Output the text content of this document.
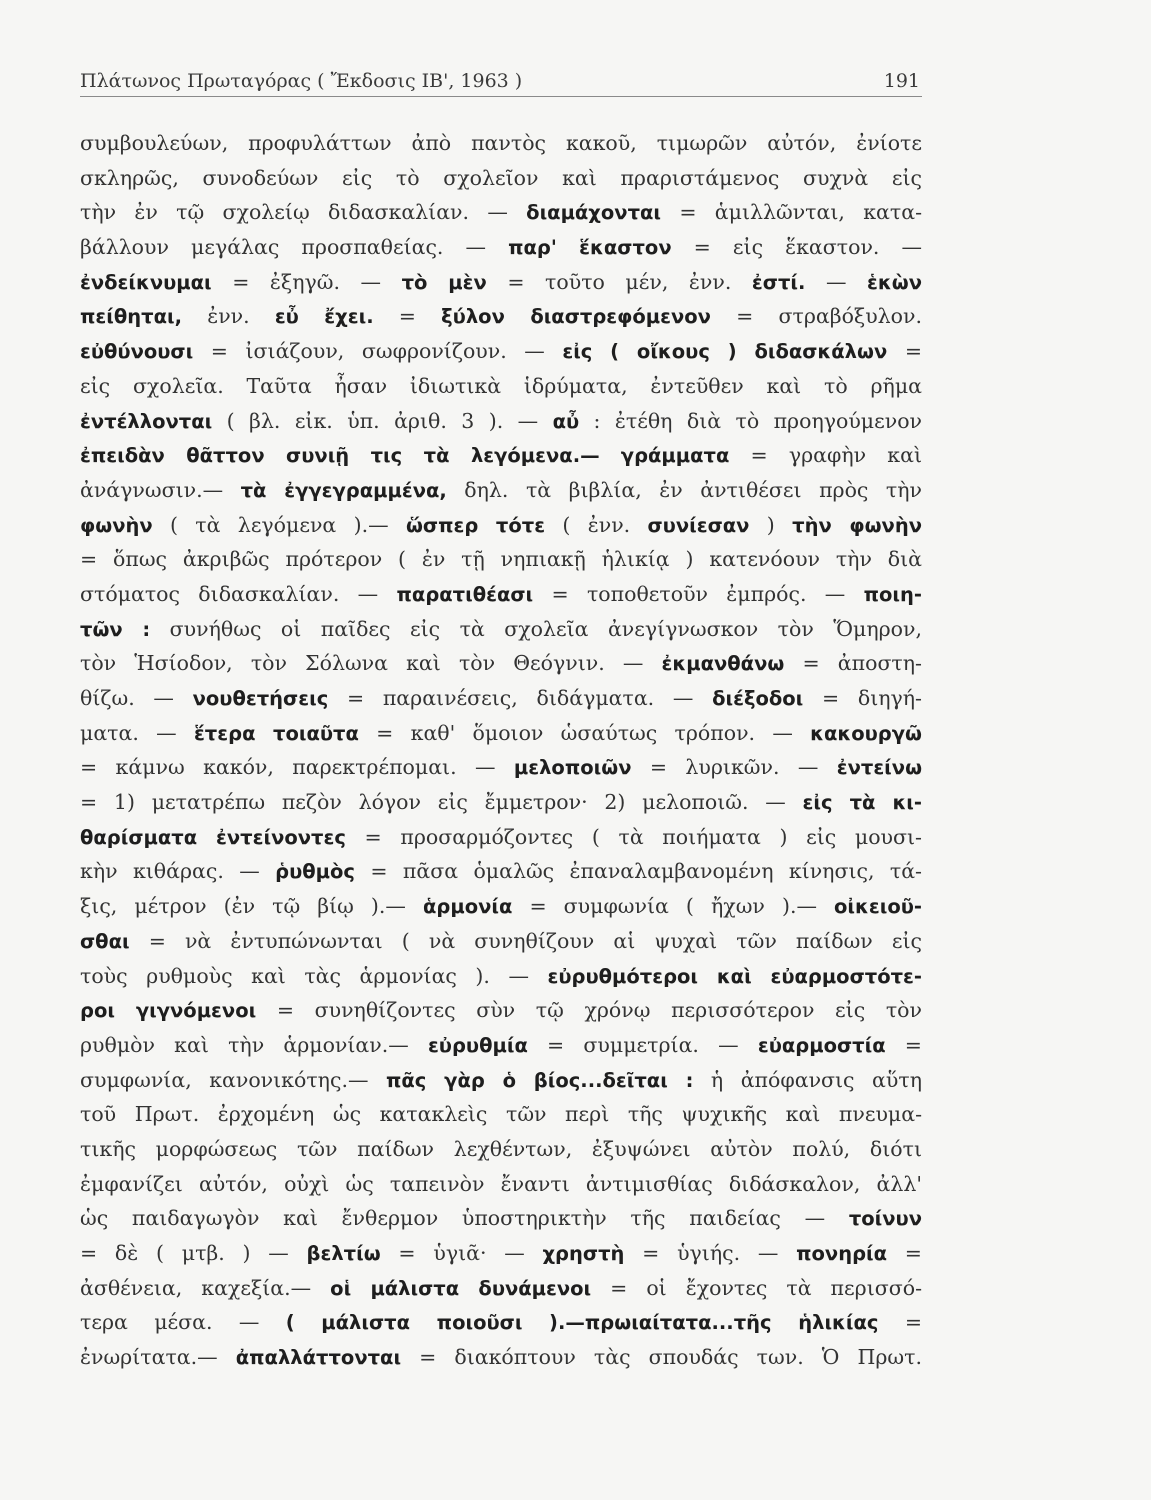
Πλάτωνος Πρωταγόρας ( Ἔκδοσις ΙΒ', 1963 )	191
συμβουλεύων, προφυλάττων ἀπὸ παντὸς κακοῦ, τιμωρῶν αὐτόν, ἐνίοτε
σκληρῶς, συνοδεύων εἰς τὸ σχολεῖον καὶ πραριστάμενος συχνὰ εἰς
τὴν ἐν τῷ σχολείῳ διδασκαλίαν. — διαμάχονται = ἁμιλλῶνται, κατα-
βάλλουν μεγάλας προσπαθείας. — παρ' ἕκαστον = εἰς ἕκαστον. —
ἐνδείκνυμαι = ἐξηγῶ. — τὸ μὲν = τοῦτο μέν, ἐνν. ἐστί. — ἑκὼν
πείθηται, ἐνν. εὖ ἔχει. = ξύλον διαστρεφόμενον = στραβόξυλον.
εὐθύνουσι = ἰσιάζουν, σωφρονίζουν. — εἰς ( οἴκους ) διδασκάλων =
εἰς σχολεῖα. Ταῦτα ἦσαν ἰδιωτικὰ ἱδρύματα, ἐντεῦθεν καὶ τὸ ρῆμα
ἐντέλλονται ( βλ. εἰκ. ὑπ. ἀριθ. 3 ). — αὖ : ἐτέθη διὰ τὸ προηγούμενον
ἐπειδὰν θᾶττον συνιῇ τις τὰ λεγόμενα.— γράμματα = γραφὴν καὶ
ἀνάγνωσιν.— τὰ ἐγγεγραμμένα, δηλ. τὰ βιβλία, ἐν ἀντιθέσει πρὸς τὴν
φωνὴν ( τὰ λεγόμενα ).— ὥσπερ τότε ( ἐνν. συνίεσαν ) τὴν φωνὴν
= ὅπως ἀκριβῶς πρότερον ( ἐν τῇ νηπιακῇ ἡλικίᾳ ) κατενόουν τὴν διὰ
στόματος διδασκαλίαν. — παρατιθέασι = τοποθετοῦν ἐμπρός. — ποιη-
τῶν : συνήθως οἱ παῖδες εἰς τὰ σχολεῖα ἀνεγίγνωσκον τὸν Ὅμηρον,
τὸν Ἡσίοδον, τὸν Σόλωνα καὶ τὸν Θεόγνιν. — ἐκμανθάνω = ἀποστη-
θίζω. — νουθετήσεις = παραινέσεις, διδάγματα. — διέξοδοι = διηγή-
ματα. — ἕτερα τοιαῦτα = καθ' ὅμοιον ὡσαύτως τρόπον. — κακουργῶ
= κάμνω κακόν, παρεκτρέπομαι. — μελοποιῶν = λυρικῶν. — ἐντείνω
= 1) μετατρέπω πεζὸν λόγον εἰς ἔμμετρον· 2) μελοποιῶ. — εἰς τὰ κι-
θαρίσματα ἐντείνοντες = προσαρμόζοντες ( τὰ ποιήματα ) εἰς μουσι-
κὴν κιθάρας. — ῥυθμὸς = πᾶσα ὁμαλῶς ἐπαναλαμβανομένη κίνησις, τά-
ξις, μέτρον (ἐν τῷ βίῳ ).— ἁρμονία = συμφωνία ( ἤχων ).— οἰκειοῦ-
σθαι = νὰ ἐντυπώνωνται ( νὰ συνηθίζουν αἱ ψυχαὶ τῶν παίδων εἰς
τοὺς ρυθμοὺς καὶ τὰς ἁρμονίας ). — εὐρυθμότεροι καὶ εὐαρμοστότε-
ροι γιγνόμενοι = συνηθίζοντες σὺν τῷ χρόνῳ περισσότερον εἰς τὸν
ρυθμὸν καὶ τὴν ἁρμονίαν.— εὐρυθμία = συμμετρία. — εὐαρμοστία =
συμφωνία, κανονικότης.— πᾶς γὰρ ὁ βίος...δεῖται : ἡ ἀπόφανσις αὕτη
τοῦ Πρωτ. ἐρχομένη ὡς κατακλεὶς τῶν περὶ τῆς ψυχικῆς καὶ πνευμα-
τικῆς μορφώσεως τῶν παίδων λεχθέντων, ἐξυψώνει αὐτὸν πολύ, διότι
ἐμφανίζει αὐτόν, οὐχὶ ὡς ταπεινὸν ἔναντι ἀντιμισθίας διδάσκαλον, ἀλλ'
ὡς παιδαγωγὸν καὶ ἔνθερμον ὑποστηρικτὴν τῆς παιδείας — τοίνυν
= δὲ ( μτβ. ) — βελτίω = ὑγιᾶ· — χρηστὴ = ὑγιής. — πονηρία =
ἀσθένεια, καχεξία.— οἱ μάλιστα δυνάμενοι = οἱ ἔχοντες τὰ περισσό-
τερα μέσα. — ( μάλιστα ποιοῦσι ).—πρωιαίτατα...τῆς ἡλικίας =
ἐνωρίτατα.— ἀπαλλάττονται = διακόπτουν τὰς σπουδάς των. Ὁ Πρωτ.
